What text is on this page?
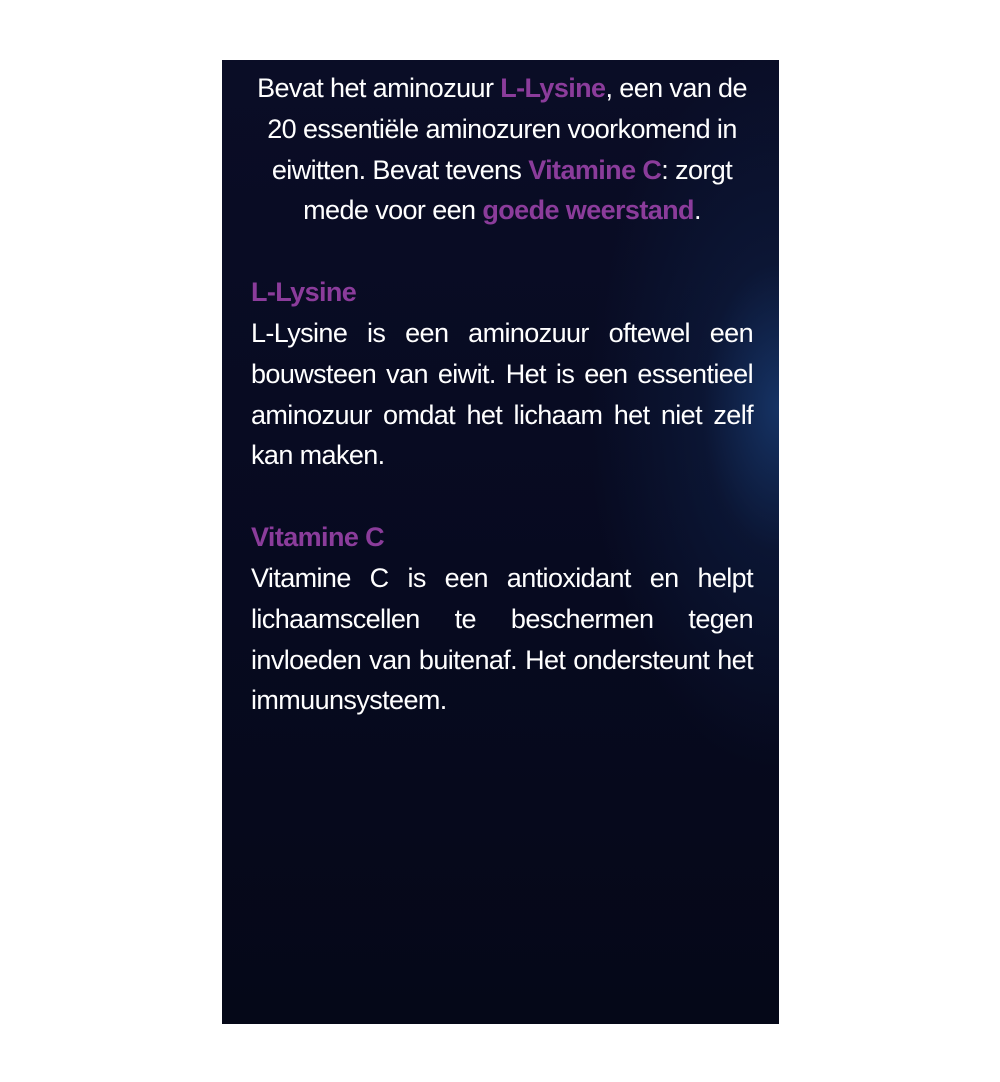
Bevat het aminozuur L-Lysine, een van de 20 essentiële aminozuren voorkomend in eiwitten. Bevat tevens Vitamine C: zorgt mede voor een goede weerstand.

L-Lysine

L-Lysine is een aminozuur oftewel een bouwsteen van eiwit. Het is een essentieel aminozuur omdat het lichaam het niet zelf kan maken.

Vitamine C

Vitamine C is een antioxidant en helpt lichaamscellen te beschermen tegen invloeden van buitenaf. Het ondersteunt het immuunsysteem.
